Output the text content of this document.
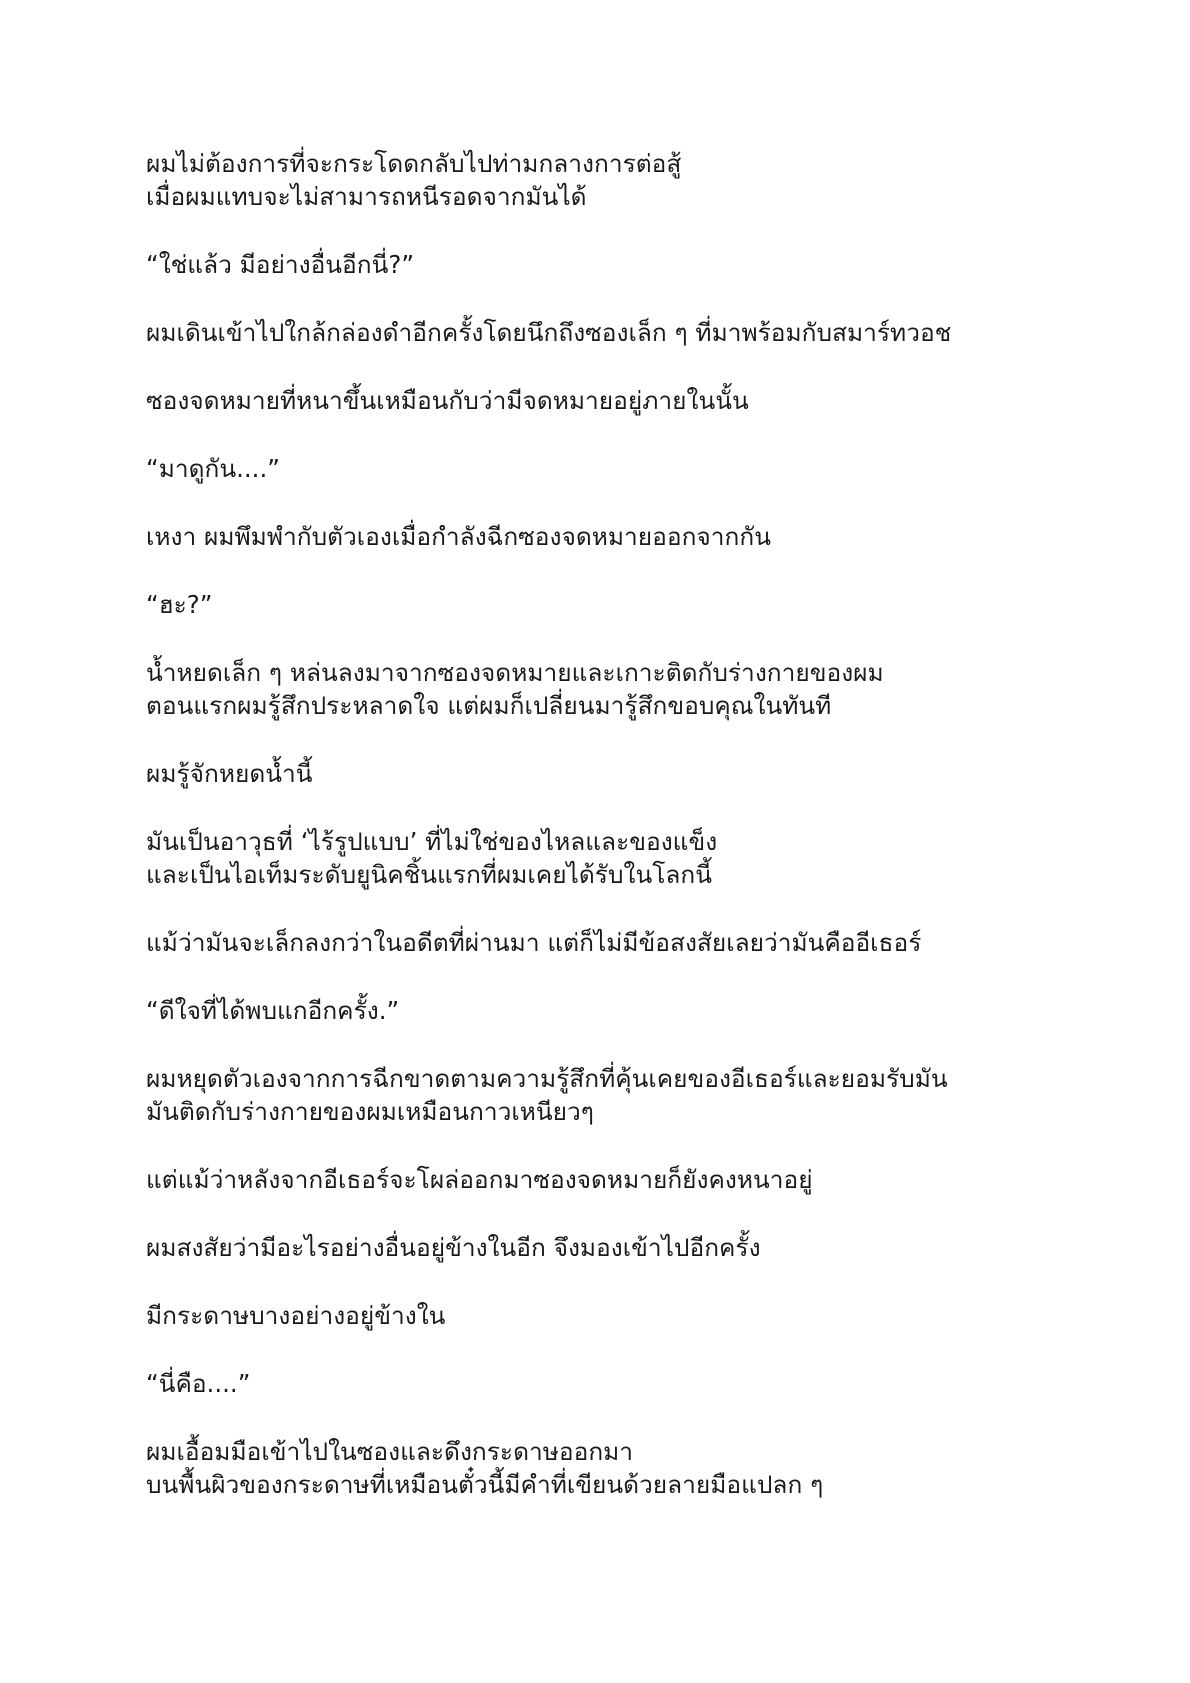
ผมไม่ต้องการที่จะกระโดดกลับไปท่ามกลางการต่อสู้
เมื่อผมแทบจะไม่สามารถหนีรอดจากมันได้

“ใช่แล้ว มีอย่างอื่นอีกนี่?”

ผมเดินเข้าไปใกล้กล่องดำอีกครั้งโดยนึกถึงซองเล็ก ๆ ที่มาพร้อมกับสมาร์ทวอช

ซองจดหมายที่หนาขึ้นเหมือนกับว่ามีจดหมายอยู่ภายในนั้น

“มาดูกัน....”

เหงา ผมพึมพำกับตัวเองเมื่อกำลังฉีกซองจดหมายออกจากกัน

“ฮะ?”

น้ำหยดเล็ก ๆ หล่นลงมาจากซองจดหมายและเกาะติดกับร่างกายของผม
ตอนแรกผมรู้สึกประหลาดใจ แต่ผมก็เปลี่ยนมารู้สึกขอบคุณในทันที

ผมรู้จักหยดน้ำนี้

มันเป็นอาวุธที่ ‘ไร้รูปแบบ’ ที่ไม่ใช่ของไหลและของแข็ง
และเป็นไอเท็มระดับยูนิคชิ้นแรกที่ผมเคยได้รับในโลกนี้

แม้ว่ามันจะเล็กลงกว่าในอดีตที่ผ่านมา แต่ก็ไม่มีข้อสงสัยเลยว่ามันคืออีเธอร์

“ดีใจที่ได้พบแกอีกครั้ง.”

ผมหยุดตัวเองจากการฉีกขาดตามความรู้สึกที่คุ้นเคยของอีเธอร์และยอมรับมัน
มันติดกับร่างกายของผมเหมือนกาวเหนียวๆ

แต่แม้ว่าหลังจากอีเธอร์จะโผล่ออกมาซองจดหมายก็ยังคงหนาอยู่

ผมสงสัยว่ามีอะไรอย่างอื่นอยู่ข้างในอีก จึงมองเข้าไปอีกครั้ง

มีกระดาษบางอย่างอยู่ข้างใน

“นี่คือ....”

ผมเอื้อมมือเข้าไปในซองและดึงกระดาษออกมา
บนพื้นผิวของกระดาษที่เหมือนตั๋วนี้มีคำที่เขียนด้วยลายมือแปลก ๆ
